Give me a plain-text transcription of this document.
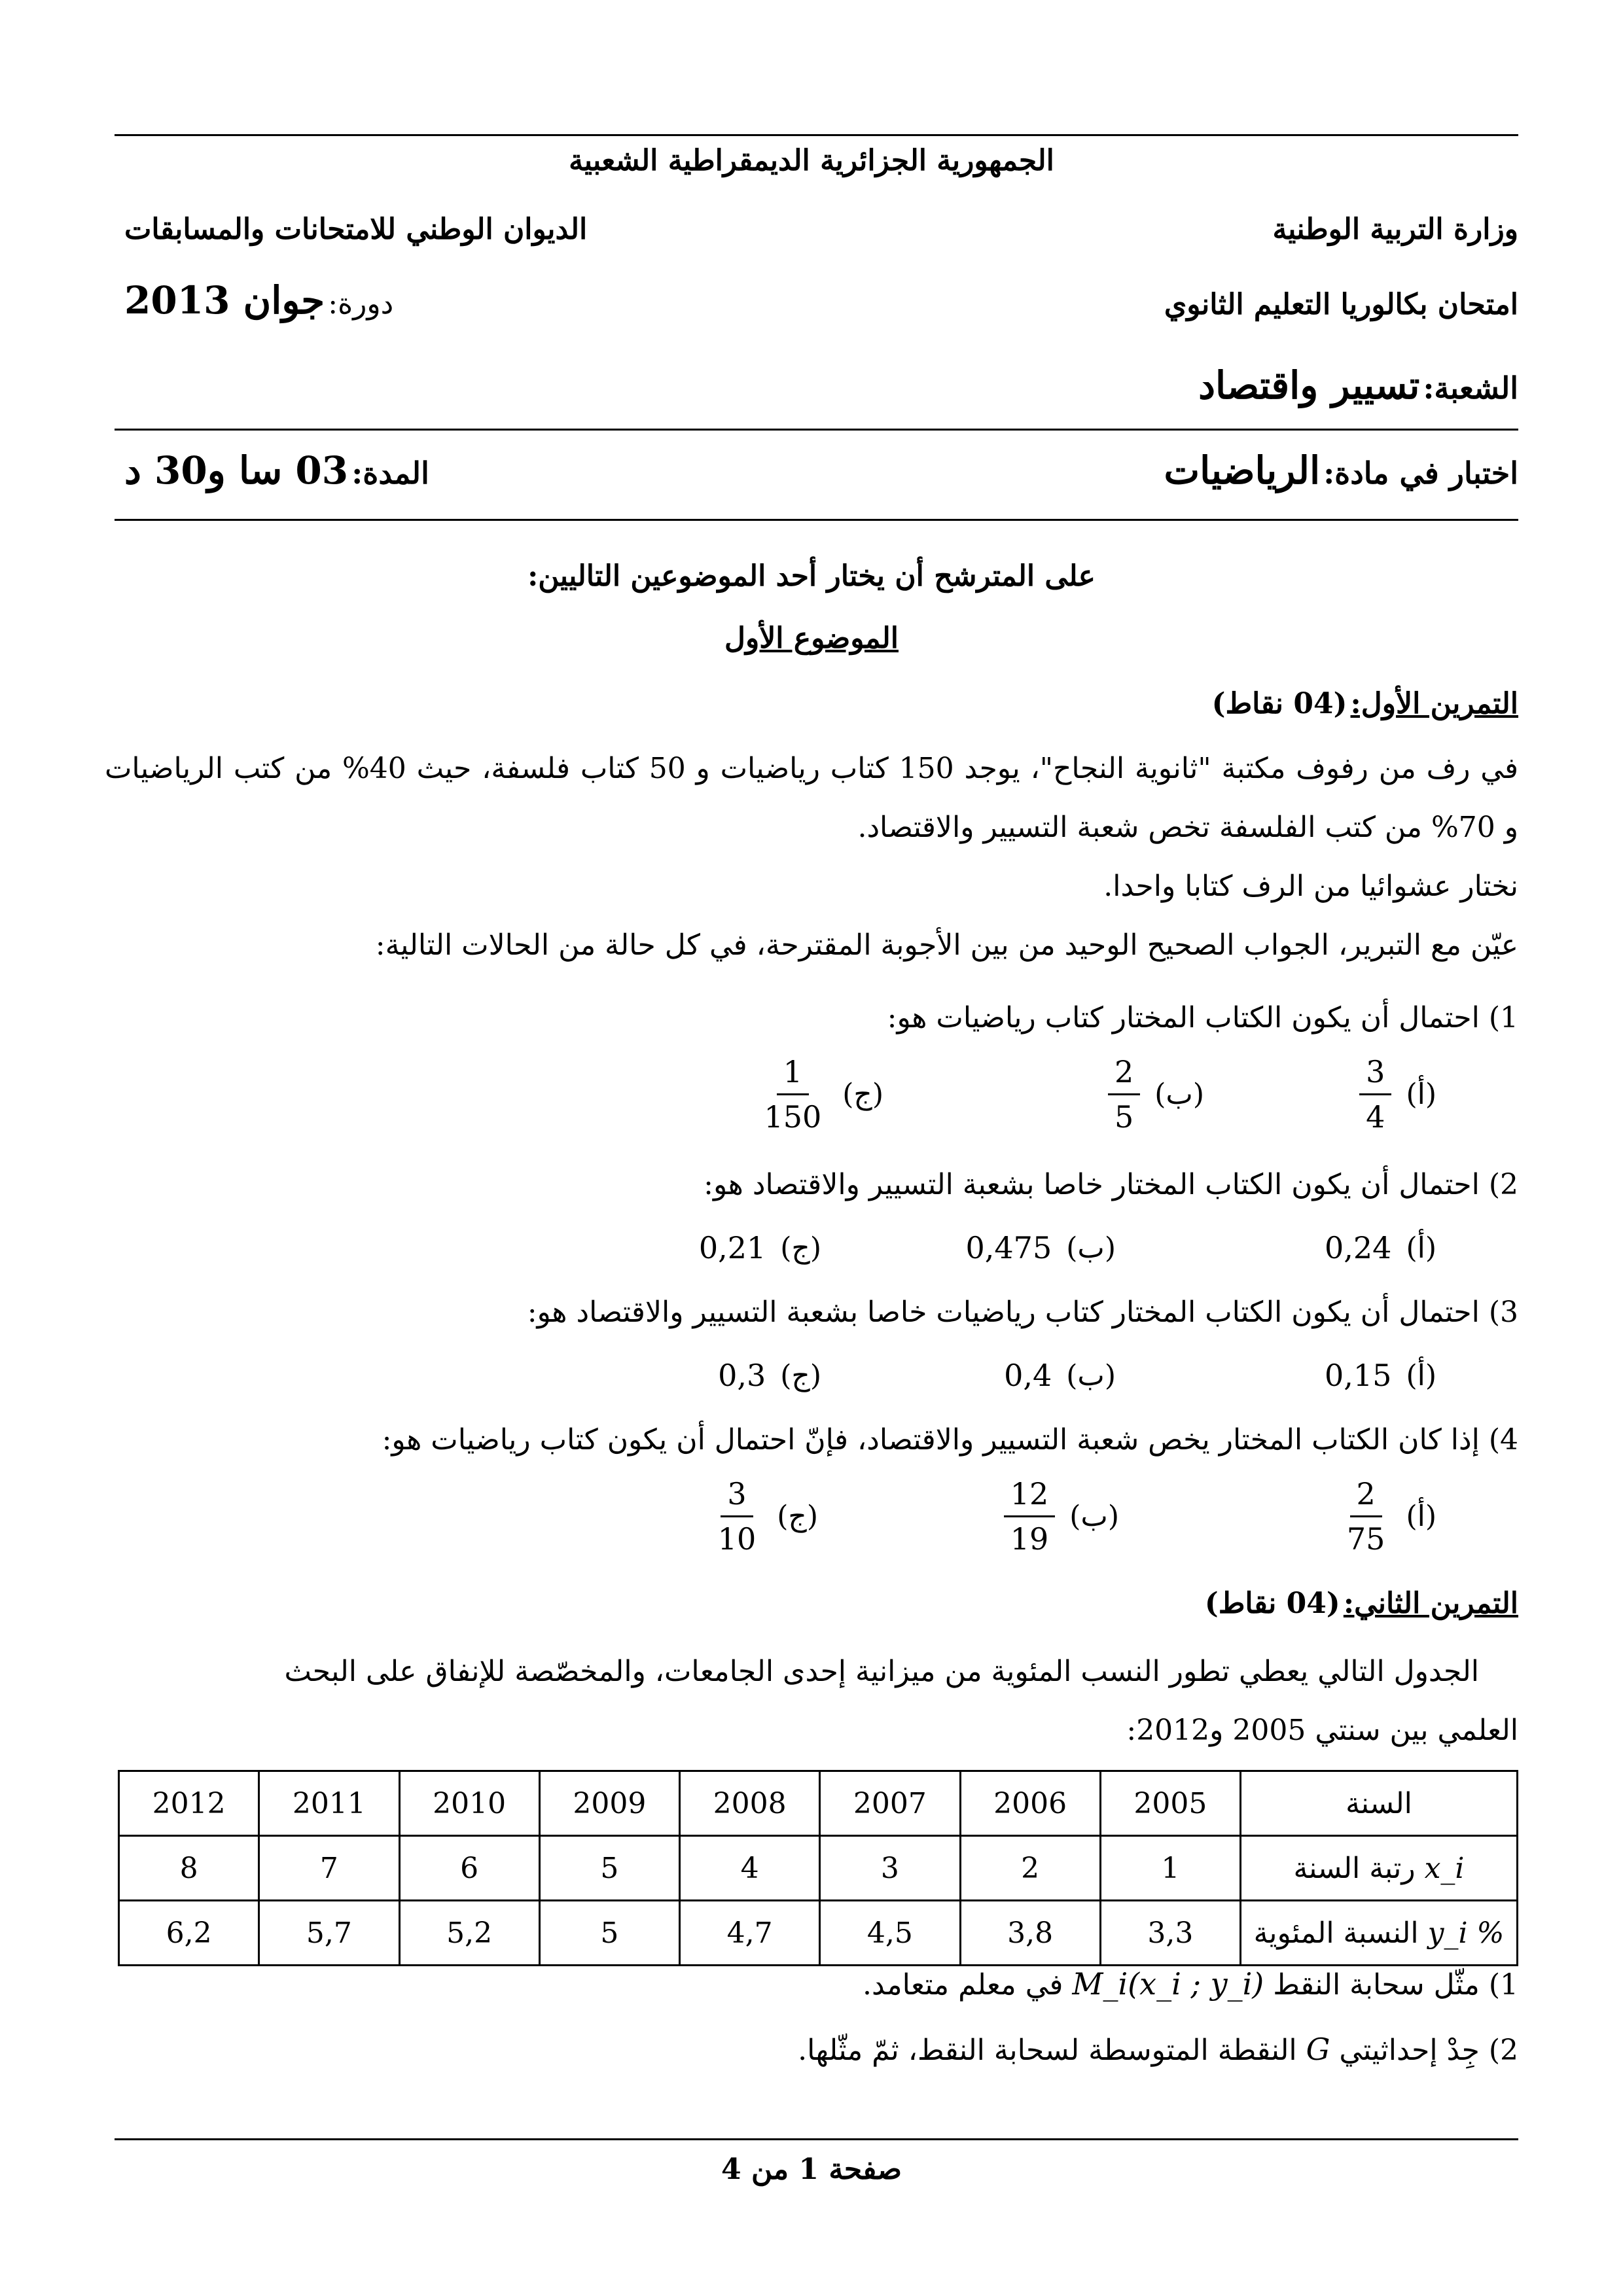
الجمهورية الجزائرية الديمقراطية الشعبية
وزارة التربية الوطنية
الديوان الوطني للامتحانات والمسابقات
امتحان بكالوريا التعليم الثانوي
دورة: جوان 2013
الشعبة: تسيير واقتصاد
اختبار في مادة: الرياضيات
المدة: 03 سا و30 د
على المترشح أن يختار أحد الموضوعين التاليين:
الموضوع الأول
التمرين الأول: (04 نقاط)
في رف من رفوف مكتبة "ثانوية النجاح"، يوجد 150 كتاب رياضيات و 50 كتاب فلسفة، حيث 40% من كتب الرياضيات و 70% من كتب الفلسفة تخص شعبة التسيير والاقتصاد.
نختار عشوائيا من الرف كتابا واحدا.
عيّن مع التبرير، الجواب الصحيح الوحيد من بين الأجوبة المقترحة، في كل حالة من الحالات التالية:
1) احتمال أن يكون الكتاب المختار كتاب رياضيات هو:
(أ)
$\frac{3}{4}$
(ب)
$\frac{2}{5}$
(ج)
$\frac{1}{150}$
2) احتمال أن يكون الكتاب المختار خاصا بشعبة التسيير والاقتصاد هو:
(أ)
0,24
(ب)
0,475
(ج)
0,21
3) احتمال أن يكون الكتاب المختار كتاب رياضيات خاصا بشعبة التسيير والاقتصاد هو:
(أ)
0,15
(ب)
0,4
(ج)
0,3
4) إذا كان الكتاب المختار يخص شعبة التسيير والاقتصاد، فإنّ احتمال أن يكون كتاب رياضيات هو:
(أ)
$\frac{2}{75}$
(ب)
$\frac{12}{19}$
(ج)
$\frac{3}{10}$
التمرين الثاني: (04 نقاط)
الجدول التالي يعطي تطور النسب المئوية من ميزانية إحدى الجامعات، والمخصّصة للإنفاق على البحث
العلمي بين سنتي 2005 و2012:
السنة	2005	2006	2007	2008	2009	2010	2011	2012
x_i رتبة السنة	1	2	3	4	5	6	7	8
y_i % النسبة المئوية	3,3	3,8	4,5	4,7	5	5,2	5,7	6,2
1) مثّل سحابة النقط M_i(x_i ; y_i) في معلم متعامد.
2) جِدْ إحداثيتي G النقطة المتوسطة لسحابة النقط، ثمّ مثّلها.
صفحة 1 من 4
